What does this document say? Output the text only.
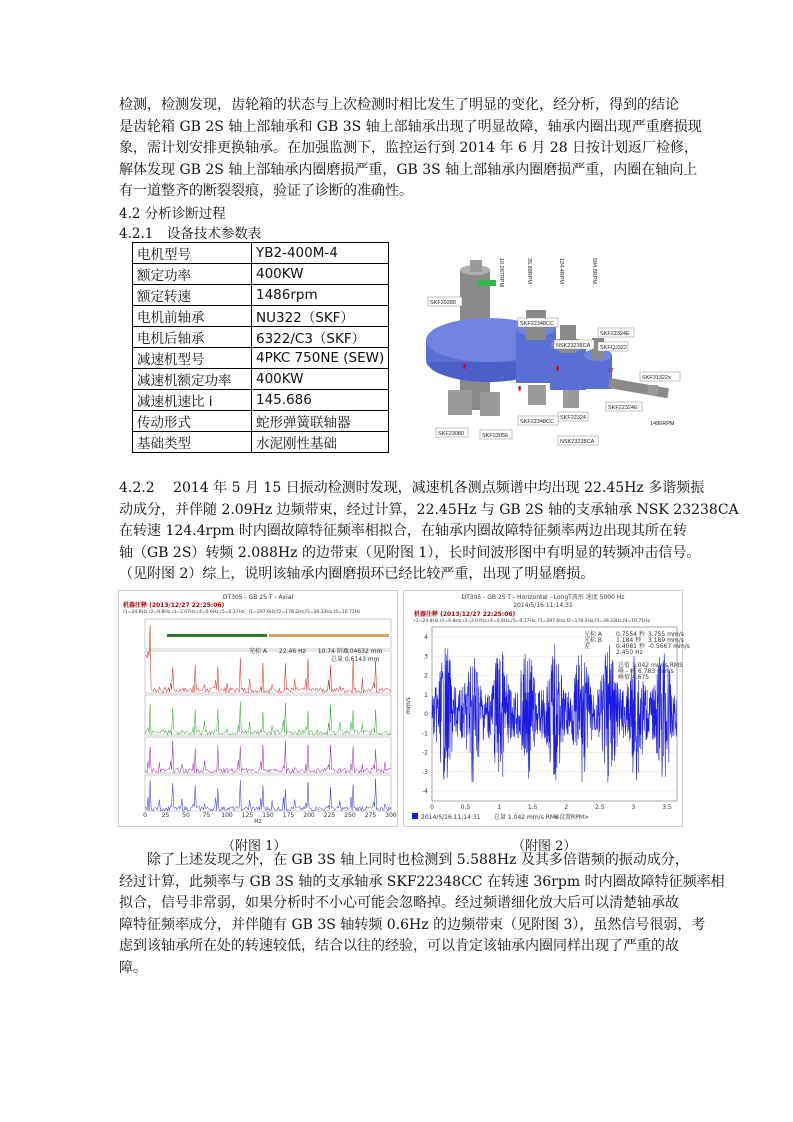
检测，检测发现，齿轮箱的状态与上次检测时相比发生了明显的变化，经分析，得到的结论
是齿轮箱 GB 2S 轴上部轴承和 GB 3S 轴上部轴承出现了明显故障，轴承内圈出现严重磨损现
象，需计划安排更换轴承。在加强监测下，监控运行到 2014 年 6 月 28 日按计划返厂检修，
解体发现 GB 2S 轴上部轴承内圈磨损严重，GB 3S 轴上部轴承内圈磨损严重，内圈在轴向上
有一道整齐的断裂裂痕，验证了诊断的准确性。
4.2 分析诊断过程
4.2.1　设备技术参数表
电机型号	YB2-400M-4
额定功率	400KW
额定转速	1486rpm
电机前轴承	NU322（SKF）
电机后轴承	6322/C3（SKF）
减速机型号	4PKC 750NE (SEW)
减速机额定功率	400KW
减速机速比 i	145.686
传动形式	蛇形弹簧联轴器
基础类型	水泥刚性基础
▮
▮
▮
SKF29280
SKF22348CC
SKF22324E
NSK23238CA SKFQJ322
SKF31322x
SKF22324E
SKF22324
SKF22348CC
SKF23080	SKF23056
NSK23238CA
1486RPM
1T
10.287RPM	35.88RPM	124.4RPM	594.8RPM
4.2.2　 2014 年 5 月 15 日振动检测时发现，减速机各测点频谱中均出现 22.45Hz 多谐频振
动成分，并伴随 2.09Hz 边频带束，经过计算，22.45Hz 与 GB 2S 轴的支承轴承 NSK 23238CA
在转速 124.4rpm 时内圈故障特征频率相拟合，在轴承内圈故障特征频率两边出现其所在转
轴（GB 2S）转频 2.088Hz 的边带束（见附图 1），长时间波形图中有明显的转频冲击信号。
（见附图 2）综上，说明该轴承内圈磨损环已经比较严重，出现了明显磨损。
DT305 - GB 2S T - Axial
机器注释 (2013/12/27 22:25:06)
r1=24.8Hz,r2=9.8Hz,r3=2.07Hz,r4=0.6Hz,r5=0.17Hz，f1=297.6Hz,f2=178.2Hz,f3=39.33Hz,f4=10.71Hz
光标 A　　22.46 Hz　　10.74 阶次
0.04632 mm
总量 0.6143 mm
0 25 50 75 100 125 150 175 200 225 250 275 300
Hz
DT305 - GB 2S T - Horizontal - LongT波形 速度 5000 Hz
2014/5/16 11:14:31
机器注释 (2013/12/27 22:25:06)
r1=24.8Hz,r2=9.8Hz,r3=2.07Hz,r4=0.6Hz,r5=0.17Hz; f1=297.6Hz,f2=178.2Hz,f3=39.33Hz,f4=10.71Hz
光标 A 0.7554 秒 3.755 mm/s
光标 B 1.184 秒 3.189 mm/s
差	0.4081 秒 -0.5667 mm/s
2.450 Hz
总值 1.042 mm/s RMS
峰 - 峰 6.783 mm/s
峰值 4.675
4
3
2
1
0
-1
-2
-3
-4
0	0.5	1	1.5	2	2.5	3	3.5
mm/s
2014/5/16 11:14:31 总量 1.042 mm/s RMS
<设置RPM>
（附图 1）	（附图 2）
　　除了上述发现之外，在 GB 3S 轴上同时也检测到 5.588Hz 及其多倍谐频的振动成分，
经过计算，此频率与 GB 3S 轴的支承轴承 SKF22348CC 在转速 36rpm 时内圈故障特征频率相
拟合，信号非常弱，如果分析时不小心可能会忽略掉。经过频谱细化放大后可以清楚轴承故
障特征频率成分，并伴随有 GB 3S 轴转频 0.6Hz 的边频带束（见附图 3），虽然信号很弱，考
虑到该轴承所在处的转速较低，结合以往的经验，可以肯定该轴承内圈同样出现了严重的故
障。
